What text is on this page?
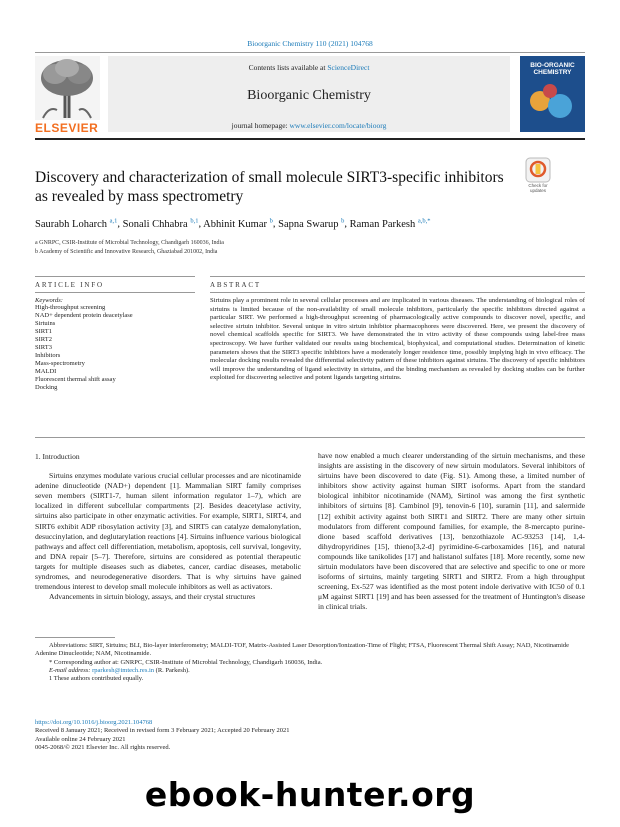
Bioorganic Chemistry 110 (2021) 104768
ELSEVIER
Contents lists available at ScienceDirect
Bioorganic Chemistry
journal homepage: www.elsevier.com/locate/bioorg
BIO-ORGANIC
CHEMISTRY
Discovery and characterization of small molecule SIRT3-specific inhibitors
as revealed by mass spectrometry
Check for
updates
Saurabh Loharch $^{a,1}$, Sonali Chhabra $^{b,1}$, Abhinit Kumar $^b$, Sapna Swarup $^b$, Raman Parkesh $^{a,b,*}$
a GNRPC, CSIR-Institute of Microbial Technology, Chandigarh 160036, India
b Academy of Scientific and Innovative Research, Ghaziabad 201002, India
ARTICLE INFO	ABSTRACT
Keywords:
High-throughput screening
NAD+ dependent protein deacetylase
Sirtuins
SIRT1
SIRT2
SIRT3
Inhibitors
Mass-spectrometry
MALDI
Fluorescent thermal shift assay
Docking
Sirtuins play a prominent role in several cellular processes and are implicated in various diseases. The understanding of biological roles of sirtuins is limited because of the non-availability of small molecule inhibitors, particularly the specific inhibitors directed against a particular SIRT. We performed a high-throughput screening of pharmacologically active compounds to discover novel, specific, and selective sirtuin inhibitor. Several unique in vitro sirtuin inhibitor pharmacophores were discovered. Here, we present the discovery of novel chemical scaffolds specific for SIRT3. We have demonstrated the in vitro activity of these compounds using label-free mass spectroscopy. We have further validated our results using biochemical, biophysical, and computational studies. Determination of kinetic parameters shows that the SIRT3 specific inhibitors have a moderately longer residence time, possibly implying high in vivo efficacy. The molecular docking results revealed the differential selectivity pattern of these inhibitors against sirtuins. The discovery of specific inhibitors will improve the understanding of ligand selectivity in sirtuins, and the binding mechanism as revealed by docking studies can be further exploited for discovering selective and potent ligands targeting sirtuins.

1. Introduction

Sirtuins enzymes modulate various crucial cellular processes and are nicotinamide adenine dinucleotide (NAD+) dependent [1]. Mammalian SIRT family comprises seven members (SIRT1-7, human silent information regulator 1–7), which are localized in different subcellular compartments [2]. Besides deacetylase activity, sirtuins also participate in other enzymatic activities. For example, SIRT1, SIRT4, and SIRT6 exhibit ADP ribosylation activity [3], and SIRT5 can catalyze demalonylation, desuccinylation, and deglutarylation reactions [4]. Sirtuins influence various biological pathways and affect cell differentiation, metabolism, apoptosis, cell survival, longevity, and DNA repair [5–7]. Therefore, sirtuins are considered as potential therapeutic targets for multiple diseases such as diabetes, cancer, cardiac diseases, metabolic syndromes, and neurodegenerative disorders. That is why sirtuins have gained tremendous interest to develop small molecule inhibitors as well as activators.

Advancements in sirtuin biology, assays, and their crystal structures

have now enabled a much clearer understanding of the sirtuin mechanisms, and these insights are assisting in the discovery of new sirtuin modulators. Several inhibitors of sirtuins have been discovered to date (Fig. S1). Among these, a limited number of inhibitors show activity against human SIRT isoforms. Apart from the standard biological inhibitor nicotinamide (NAM), Sirtinol was among the first synthetic inhibitors of sirtuins [8]. Cambinol [9], tenovin-6 [10], suramin [11], and salermide [12] exhibit activity against both SIRT1 and SIRT2. There are many other sirtuin modulators from different compound families, for example, the 8-mercapto purine-dione based scaffold derivatives [13], benzothiazole AC-93253 [14], 1,4-dihydropyridines [15], thieno[3,2-d] pyrimidine-6-carboxamides [16], and natural compounds like tanikolides [17] and halistanol sulfates [18]. More recently, some new sirtuin modulators have been discovered that are selective and specific to one or more isoforms of sirtuins, mainly targeting SIRT1 and SIRT2. From a high throughput screening, Ex-527 was identified as the most potent indole derivative with IC50 of 0.1 μM against SIRT1 [19] and has been assessed for the treatment of Huntington's disease in clinical trials.

Abbreviations: SIRT, Sirtuins; BLI, Bio-layer interferometry; MALDI-TOF, Matrix-Assisted Laser Desorption/Ionization-Time of Flight; FTSA, Fluorescent Thermal Shift Assay; NAD, Nicotinamide Adenine Dinucleotide; NAM, Nicotinamide.
* Corresponding author at: GNRPC, CSIR-Institute of Microbial Technology, Chandigarh 160036, India.
E-mail address: rparkesh@imtech.res.in (R. Parkesh).
1 These authors contributed equally.
https://doi.org/10.1016/j.bioorg.2021.104768
Received 8 January 2021; Received in revised form 3 February 2021; Accepted 20 February 2021
Available online 24 February 2021
0045-2068/© 2021 Elsevier Inc. All rights reserved.
ebook-hunter.org
